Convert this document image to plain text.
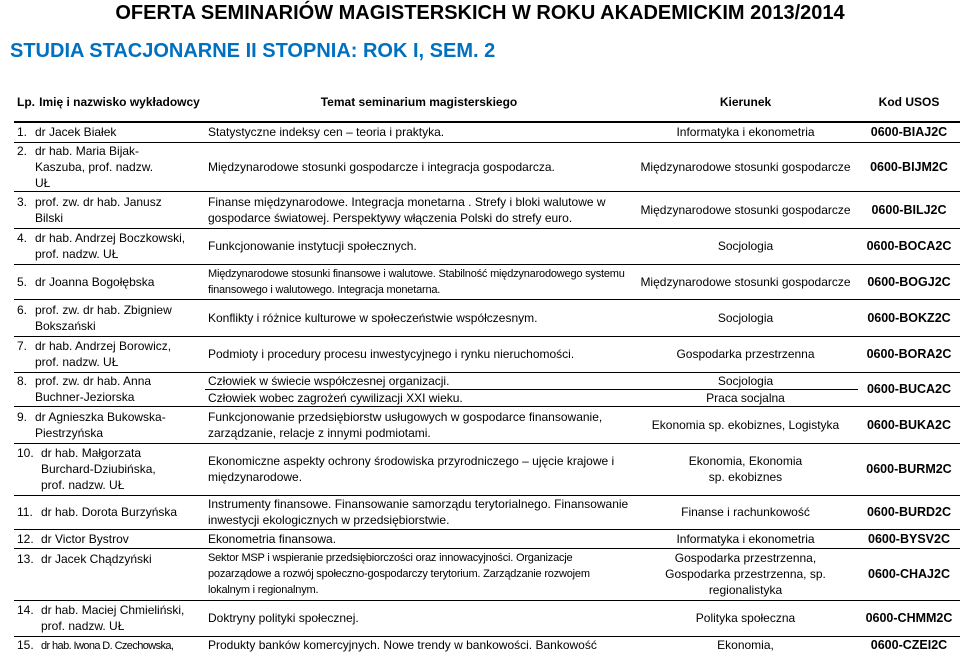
OFERTA SEMINARIÓW MAGISTERSKICH W ROKU AKADEMICKIM 2013/2014
STUDIA STACJONARNE II STOPNIA: ROK I, SEM. 2
Lp.	Imię i nazwisko wykładowcy	Temat seminarium magisterskiego	Kierunek	Kod USOS
1. dr Jacek Białek		Statystyczne indeksy cen – teoria i praktyka.	Informatyka i ekonometria	0600-BIAJ2C

2. dr hab. Maria Bijak-Kaszuba, prof. nadzw. UŁ		Międzynarodowe stosunki gospodarcze i integracja gospodarcza.	Międzynarodowe stosunki gospodarcze	0600-BIJM2C

3. prof. zw. dr hab. Janusz Bilski		Finanse międzynarodowe. Integracja monetarna . Strefy i bloki walutowe w gospodarce światowej. Perspektywy włączenia Polski do strefy euro.	Międzynarodowe stosunki gospodarcze	0600-BILJ2C

4. dr hab. Andrzej Boczkowski, prof. nadzw. UŁ		Funkcjonowanie instytucji społecznych.	Socjologia	0600-BOCA2C
5. dr Joanna Bogołębska		Międzynarodowe stosunki finansowe i walutowe. Stabilność międzynarodowego systemu finansowego i walutowego. Integracja monetarna.	Międzynarodowe stosunki gospodarcze	0600-BOGJ2C

6. prof. zw. dr hab. Zbigniew Bokszański		Konflikty i różnice kulturowe w społeczeństwie współczesnym.	Socjologia	0600-BOKZ2C

7. dr hab. Andrzej Borowicz, prof. nadzw. UŁ		Podmioty i procedury procesu inwestycyjnego i rynku nieruchomości.	Gospodarka przestrzenna	0600-BORA2C

8. prof. zw. dr hab. Anna Buchner-Jeziorska		Człowiek w świecie współczesnej organizacji.	Socjologia	0600-BUCA2C
		Człowiek wobec zagrożeń cywilizacji XXI wieku.	Praca socjalna	

9. dr Agnieszka Bukowska-Piestrzyńska		Funkcjonowanie przedsiębiorstw usługowych w gospodarce finansowanie, zarządzanie, relacje z innymi podmiotami.	Ekonomia sp. ekobiznes, Logistyka	0600-BUKA2C

10. dr hab. Małgorzata Burchard-Dziubińska, prof. nadzw. UŁ		Ekonomiczne aspekty ochrony środowiska przyrodniczego – ujęcie krajowe i międzynarodowe.	Ekonomia, Ekonomia sp. ekobiznes	0600-BURM2C
11. dr hab. Dorota Burzyńska		Instrumenty finansowe. Finansowanie samorządu terytorialnego. Finansowanie inwestycji ekologicznych w przedsiębiorstwie.	Finanse i rachunkowość	0600-BURD2C
12. dr Victor Bystrov		Ekonometria finansowa.	Informatyka i ekonometria	0600-BYSV2C
13. dr Jacek Chądzyński		Sektor MSP i wspieranie przedsiębiorczości oraz innowacyjności. Organizacje pozarządowe a rozwój społeczno-gospodarczy terytorium. Zarządzanie rozwojem lokalnym i regionalnym.	Gospodarka przestrzenna, Gospodarka przestrzenna, sp. regionalistyka	0600-CHAJ2C

14. dr hab. Maciej Chmieliński, prof. nadzw. UŁ		Doktryny polityki społecznej.	Polityka społeczna	0600-CHMM2C
15. dr hab. Iwona D. Czechowska,		Produkty banków komercyjnych. Nowe trendy w bankowości. Bankowość	Ekonomia,	0600-CZEI2C
